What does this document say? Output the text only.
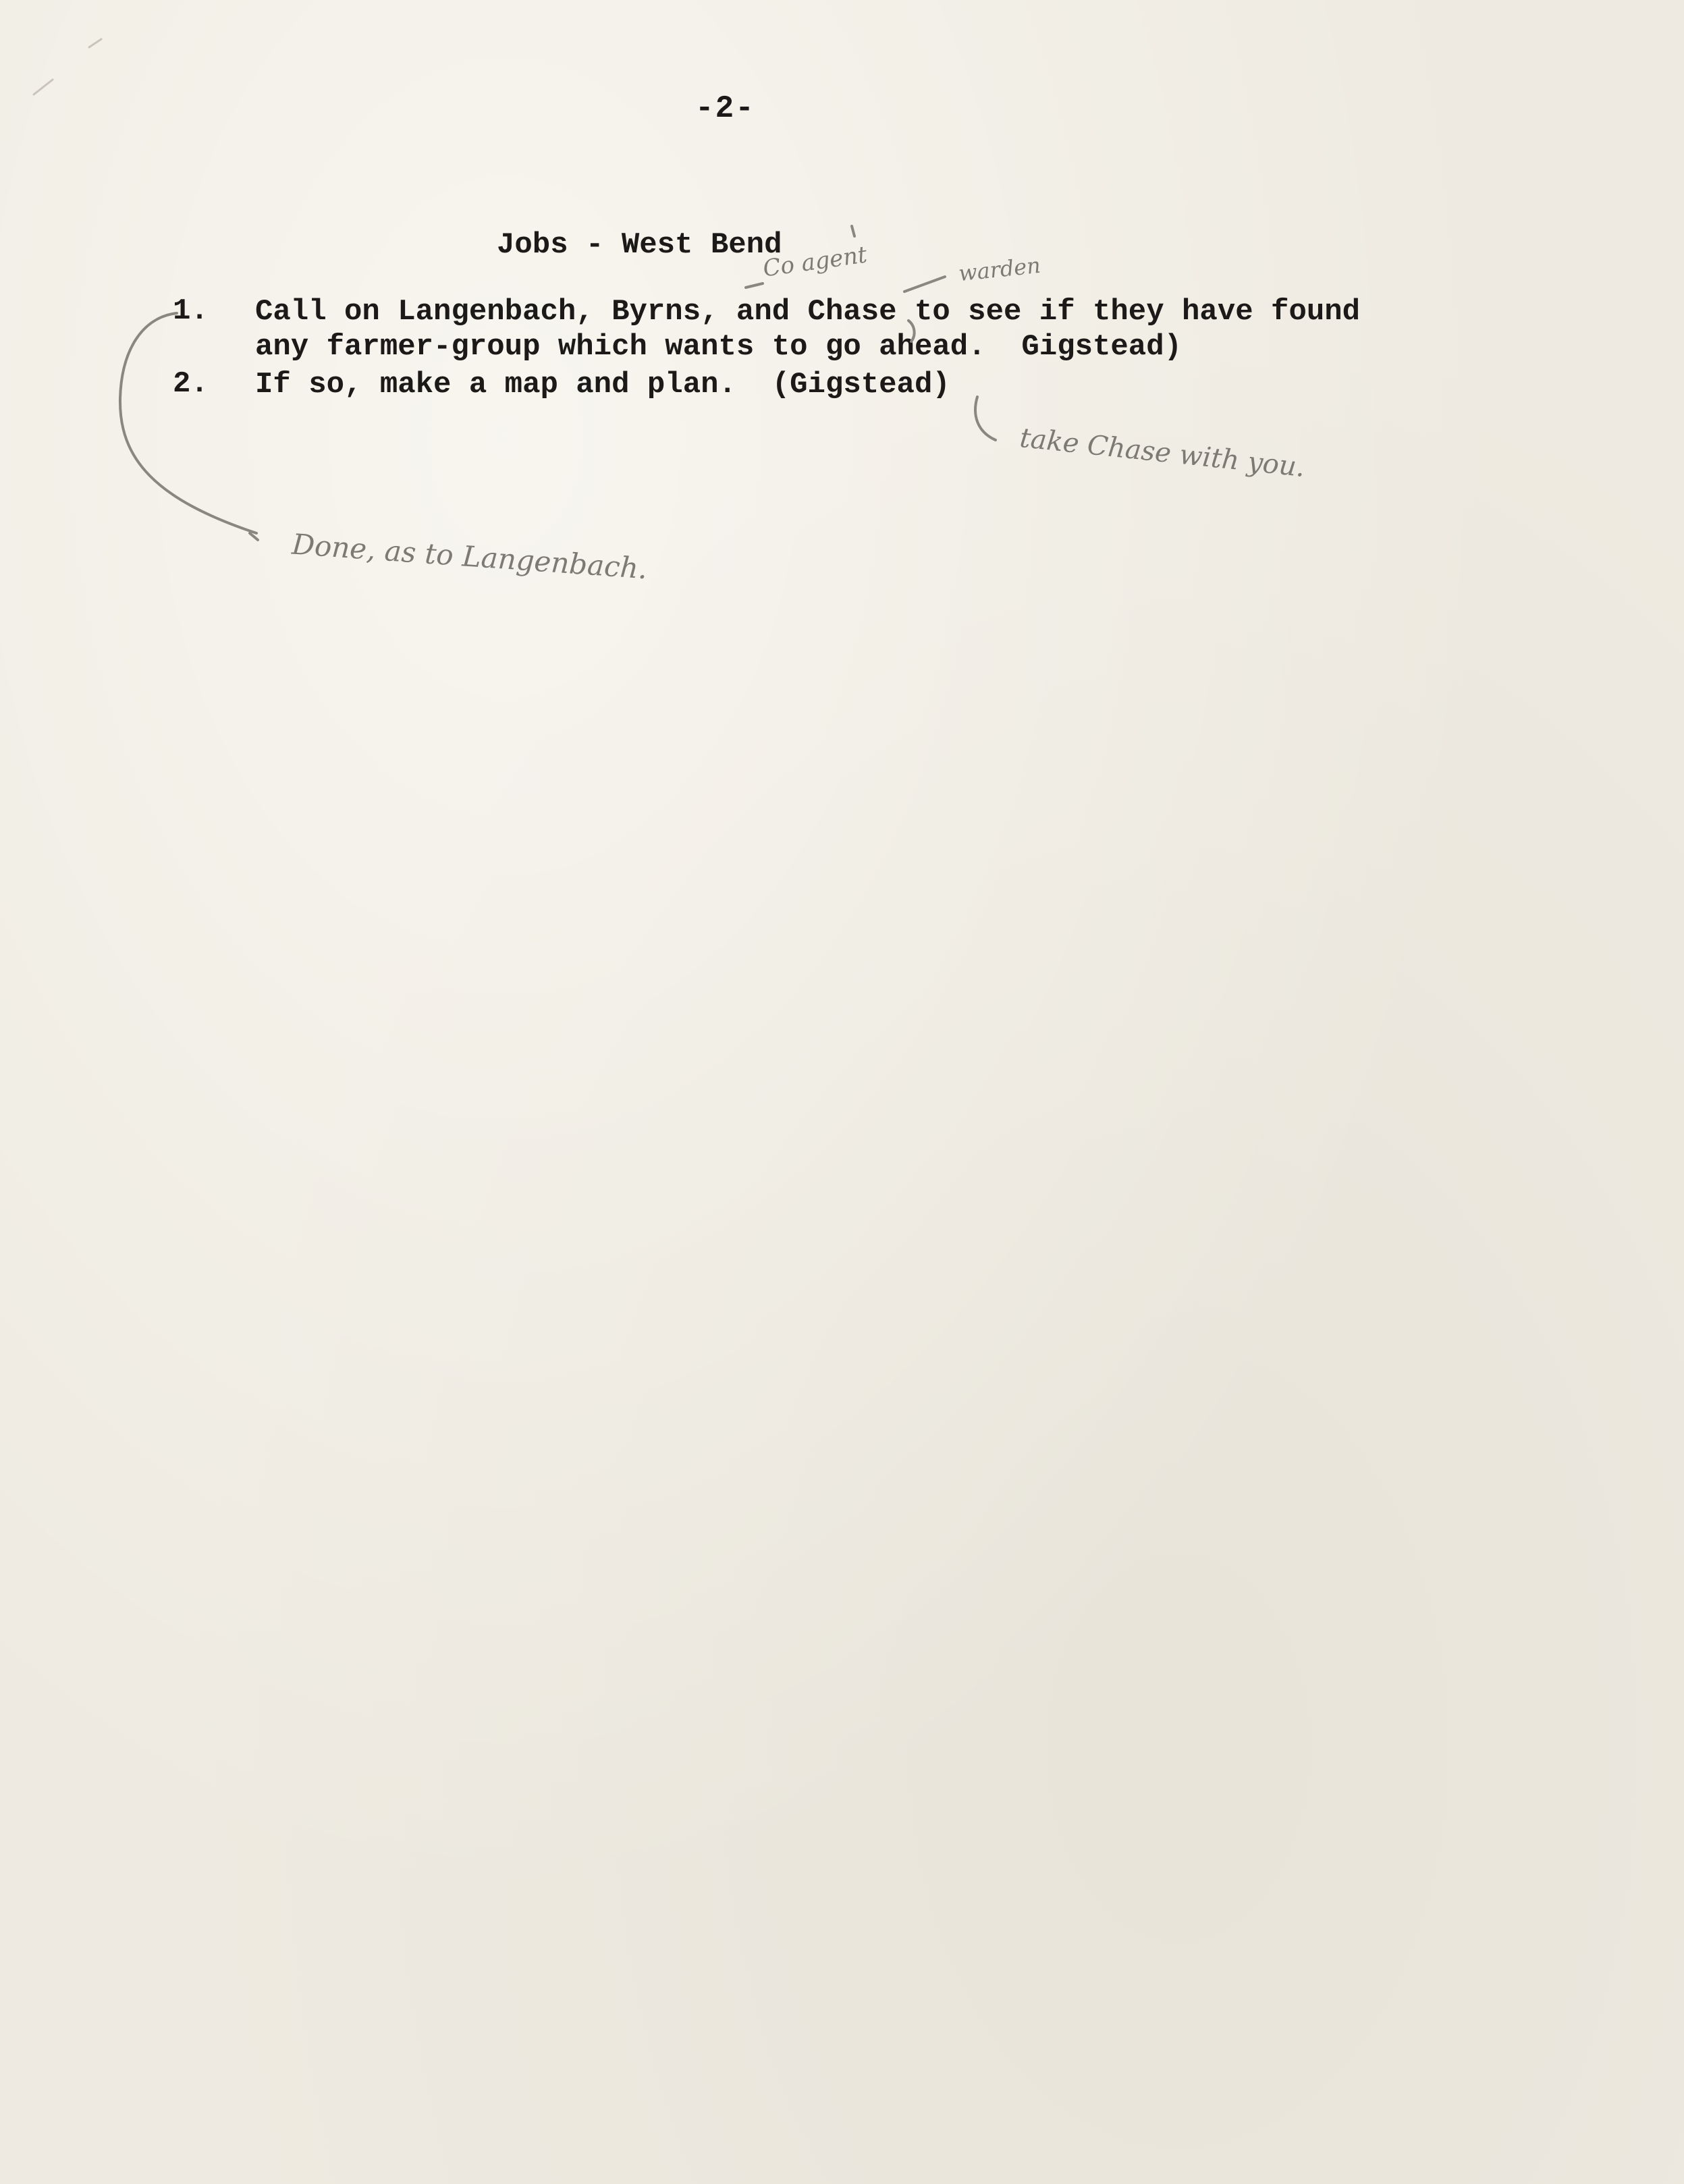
-2-
Jobs - West Bend
1. Call on Langenbach, Byrns, and Chase to see if they have found
any farmer-group which wants to go ahead.  Gigstead)
2. If so, make a map and plan.  (Gigstead)
Co agent	warden
take Chase with you.
Done, as to Langenbach.
